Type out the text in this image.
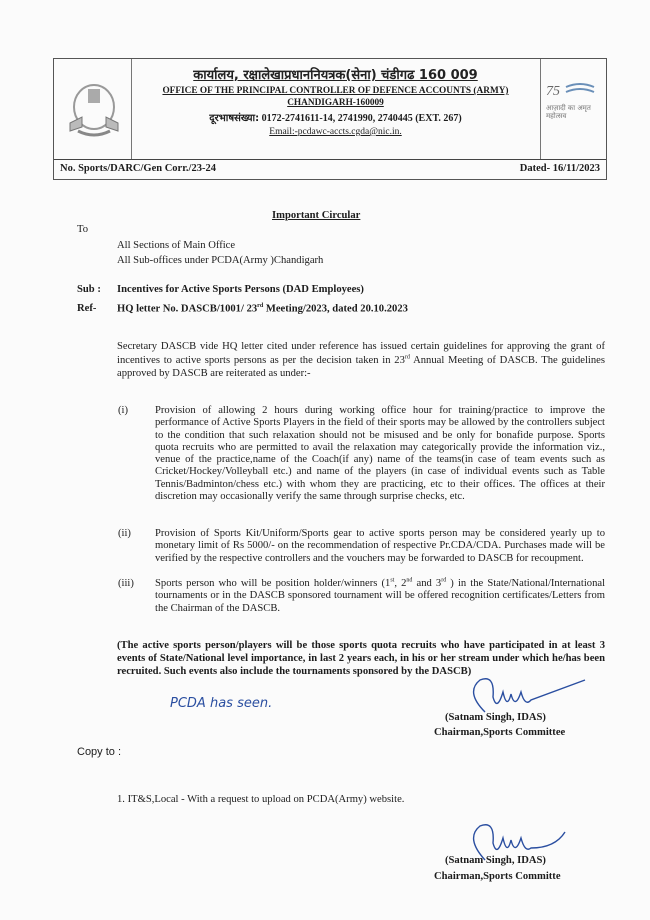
कार्यालय, रक्षालेखाप्रधाननियत्रक(सेना) चंडीगढ 160 009
OFFICE OF THE PRINCIPAL CONTROLLER OF DEFENCE ACCOUNTS (ARMY)
CHANDIGARH-160009
दूरभाषसंख्या: 0172-2741611-14, 2741990, 2740445 (EXT. 267)
Email:-pcdawc-accts.cgda@nic.in.
75
आज़ादी का अमृत महोत्सव
No. Sports/DARC/Gen Corr./23-24	Dated- 16/11/2023
Important Circular
To
All Sections of Main Office
All Sub-offices under PCDA(Army )Chandigarh
Sub : Incentives for Active Sports Persons (DAD Employees)
Ref- HQ letter No. DASCB/1001/ 23rd Meeting/2023, dated 20.10.2023
Secretary DASCB vide HQ letter cited under reference has issued certain guidelines for approving the grant of incentives to active sports persons as per the decision taken in 23rd Annual Meeting of DASCB. The guidelines approved by DASCB are reiterated as under:-
(i)	Provision of allowing 2 hours during working office hour for training/practice to improve the performance of Active Sports Players in the field of their sports may be allowed by the controllers subject to the condition that such relaxation should not be misused and be only for bonafide purpose. Sports quota recruits who are permitted to avail the relaxation may categorically provide the information viz., venue of the practice,name of the Coach(if any) name of the teams(in case of team events such as Cricket/Hockey/Volleyball etc.) and name of the players (in case of individual events such as Table Tennis/Badminton/chess etc.) with whom they are practicing, etc to their offices. The offices at their discretion may occasionally verify the same through surprise checks, etc.
(ii) Provision of Sports Kit/Uniform/Sports gear to active sports person may be considered yearly up to monetary limit of Rs 5000/- on the recommendation of respective Pr.CDA/CDA. Purchases made will be verified by the respective controllers and the vouchers may be forwarded to DASCB for recoupment.
(iii) Sports person who will be position holder/winners (1st, 2nd and 3rd ) in the State/National/International tournaments or in the DASCB sponsored tournament will be offered recognition certificates/Letters from the Chairman of the DASCB.
(The active sports person/players will be those sports quota recruits who have participated in at least 3 events of State/National level importance, in last 2 years each, in his or her stream under which he/has been recruited. Such events also include the tournaments sponsored by the DASCB)
PCDA has seen.
(Satnam Singh, IDAS)
Chairman,Sports Committee
Copy to :
1. IT&S,Local - With a request to upload on PCDA(Army) website.
(Satnam Singh, IDAS)
Chairman,Sports Committe
